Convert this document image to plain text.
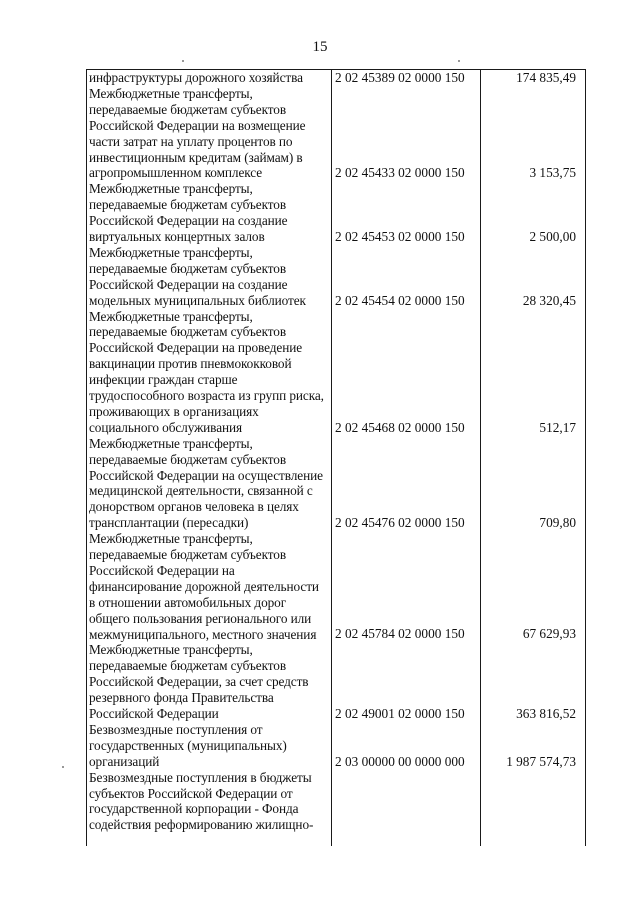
15
инфраструктуры дорожного хозяйства	2 02 45389 02 0000 150	174 835,49
Межбюджетные трансферты,
передаваемые бюджетам субъектов
Российской Федерации на возмещение
части затрат на уплату процентов по
инвестиционным кредитам (займам) в
агропромышленном комплексе	2 02 45433 02 0000 150	3 153,75
Межбюджетные трансферты,
передаваемые бюджетам субъектов
Российской Федерации на создание
виртуальных концертных залов	2 02 45453 02 0000 150	2 500,00
Межбюджетные трансферты,
передаваемые бюджетам субъектов
Российской Федерации на создание
модельных муниципальных библиотек	2 02 45454 02 0000 150	28 320,45
Межбюджетные трансферты,
передаваемые бюджетам субъектов
Российской Федерации на проведение
вакцинации против пневмококковой
инфекции граждан старше
трудоспособного возраста из групп риска,
проживающих в организациях
социального обслуживания	2 02 45468 02 0000 150	512,17
Межбюджетные трансферты,
передаваемые бюджетам субъектов
Российской Федерации на осуществление
медицинской деятельности, связанной с
донорством органов человека в целях
трансплантации (пересадки)	2 02 45476 02 0000 150	709,80
Межбюджетные трансферты,
передаваемые бюджетам субъектов
Российской Федерации на
финансирование дорожной деятельности
в отношении автомобильных дорог
общего пользования регионального или
межмуниципального, местного значения	2 02 45784 02 0000 150	67 629,93
Межбюджетные трансферты,
передаваемые бюджетам субъектов
Российской Федерации, за счет средств
резервного фонда Правительства
Российской Федерации	2 02 49001 02 0000 150	363 816,52
Безвозмездные поступления от
государственных (муниципальных)
организаций	2 03 00000 00 0000 000	1 987 574,73
Безвозмездные поступления в бюджеты
субъектов Российской Федерации от
государственной корпорации - Фонда
содействия реформированию жилищно-
